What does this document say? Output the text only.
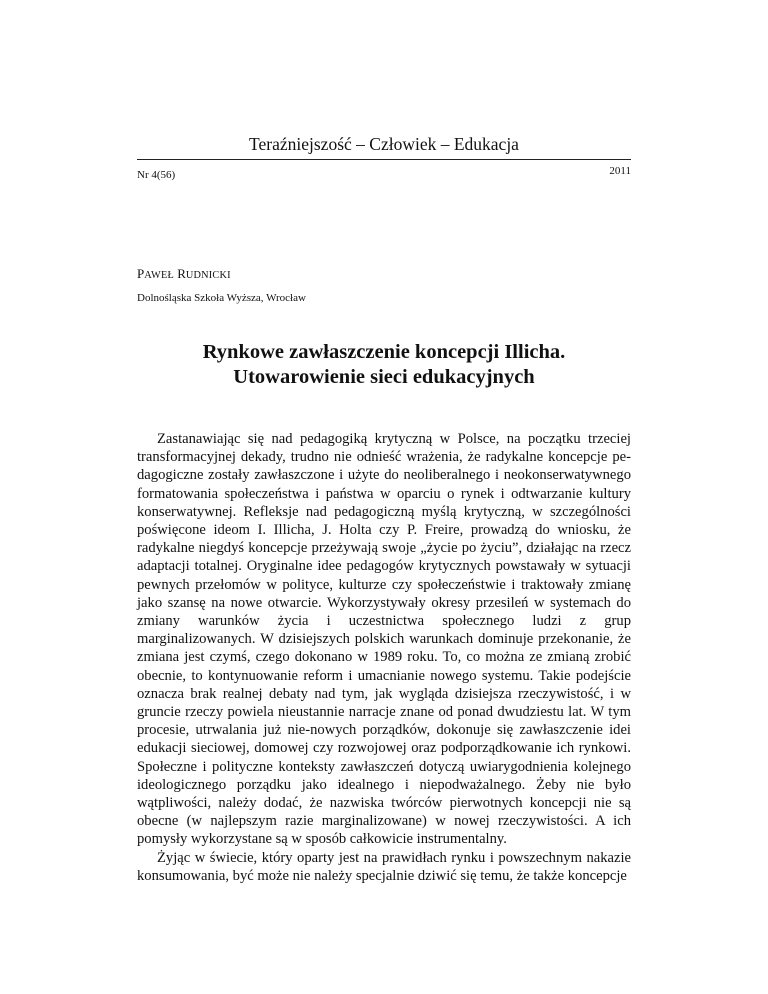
Teraźniejszość – Człowiek – Edukacja
Nr 4(56)	2011
PAWEŁ RUDNICKI
Dolnośląska Szkoła Wyższa, Wrocław
Rynkowe zawłaszczenie koncepcji Illicha.
Utowarowienie sieci edukacyjnych

Zastanawiając się nad pedagogiką krytyczną w Polsce, na początku trzeciej transformacyjnej dekady, trudno nie odnieść wrażenia, że radykalne koncepcje pedagogiczne zostały zawłaszczone i użyte do neoliberalnego i neokonserwatywnego formatowania społeczeństwa i państwa w oparciu o rynek i odtwarzanie kultury konserwatywnej. Refleksje nad pedagogiczną myślą krytyczną, w szczególności poświęcone ideom I. Illicha, J. Holta czy P. Freire, prowadzą do wniosku, że radykalne niegdyś koncepcje przeżywają swoje „życie po życiu”, działając na rzecz adaptacji totalnej. Oryginalne idee pedagogów krytycznych powstawały w sytuacji pewnych przełomów w polityce, kulturze czy społeczeństwie i traktowały zmianę jako szansę na nowe otwarcie. Wykorzystywały okresy przesileń w systemach do zmiany warunków życia i uczestnictwa społecznego ludzi z grup marginalizowanych. W dzisiejszych polskich warunkach dominuje przekonanie, że zmiana jest czymś, czego dokonano w 1989 roku. To, co można ze zmianą zrobić obecnie, to kontynuowanie reform i umacnianie nowego systemu. Takie podejście oznacza brak realnej debaty nad tym, jak wygląda dzisiejsza rzeczywistość, i w gruncie rzeczy powiela nieustannie narracje znane od ponad dwudziestu lat. W tym procesie, utrwalania już nie-nowych porządków, dokonuje się zawłaszczenie idei edukacji sieciowej, domowej czy rozwojowej oraz podporządkowanie ich rynkowi. Społeczne i polityczne konteksty zawłaszczeń dotyczą uwiarygodnienia kolejnego ideologicznego porządku jako idealnego i niepodważalnego. Żeby nie było wątpliwości, należy dodać, że nazwiska twórców pierwotnych koncepcji nie są obecne (w najlepszym razie marginalizowane) w nowej rzeczywistości. A ich pomysły wykorzystane są w sposób całkowicie instrumentalny.

Żyjąc w świecie, który oparty jest na prawidłach rynku i powszechnym nakazie konsumowania, być może nie należy specjalnie dziwić się temu, że także koncepcje
